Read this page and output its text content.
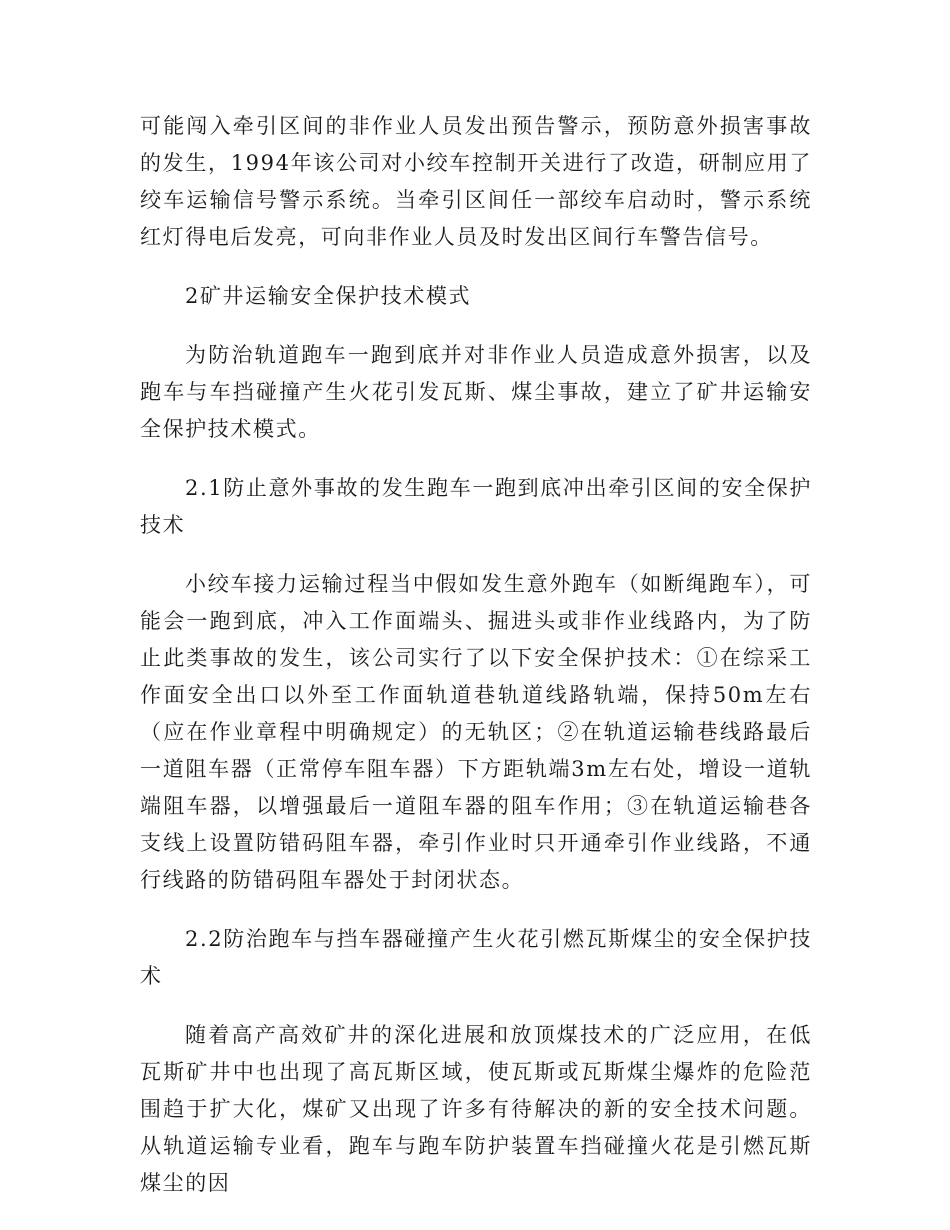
可能闯入牵引区间的非作业人员发出预告警示，预防意外损害事故的发生，1994年该公司对小绞车控制开关进行了改造，研制应用了绞车运输信号警示系统。当牵引区间任一部绞车启动时，警示系统红灯得电后发亮，可向非作业人员及时发出区间行车警告信号。

2矿井运输安全保护技术模式

为防治轨道跑车一跑到底并对非作业人员造成意外损害，以及跑车与车挡碰撞产生火花引发瓦斯、煤尘事故，建立了矿井运输安全保护技术模式。

2.1防止意外事故的发生跑车一跑到底冲出牵引区间的安全保护技术

小绞车接力运输过程当中假如发生意外跑车（如断绳跑车），可能会一跑到底，冲入工作面端头、掘进头或非作业线路内，为了防止此类事故的发生，该公司实行了以下安全保护技术：①在综采工作面安全出口以外至工作面轨道巷轨道线路轨端，保持50m左右（应在作业章程中明确规定）的无轨区；②在轨道运输巷线路最后一道阻车器（正常停车阻车器）下方距轨端3m左右处，增设一道轨端阻车器，以增强最后一道阻车器的阻车作用；③在轨道运输巷各支线上设置防错码阻车器，牵引作业时只开通牵引作业线路，不通行线路的防错码阻车器处于封闭状态。

2.2防治跑车与挡车器碰撞产生火花引燃瓦斯煤尘的安全保护技术

随着高产高效矿井的深化进展和放顶煤技术的广泛应用，在低瓦斯矿井中也出现了高瓦斯区域，使瓦斯或瓦斯煤尘爆炸的危险范围趋于扩大化，煤矿又出现了许多有待解决的新的安全技术问题。从轨道运输专业看，跑车与跑车防护装置车挡碰撞火花是引燃瓦斯煤尘的因
